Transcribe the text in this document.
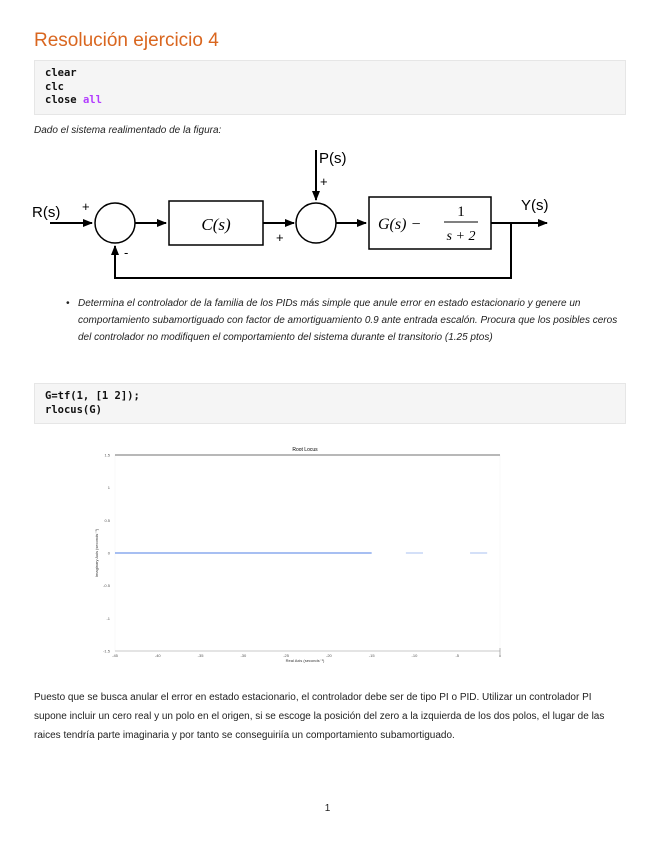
Resolución ejercicio 4
clear
clc
close all

Dado el sistema realimentado de la figura:

R(s) +
-
C(s)
+
P(s)
+
G(s) −
1
s + 2
Y(s)
• Determina el controlador de la familia de los PIDs más simple que anule error en estado estacionario y genere un comportamiento subamortiguado con factor de amortiguamiento 0.9 ante entrada escalón. Procura que los posibles ceros del controlador no modifiquen el comportamiento del sistema durante el transitorio (1.25 ptos)
G=tf(1, [1 2]);
rlocus(G)
Root Locus
1.5
1
0.5
0
-0.5
-1
-1.5
-45	-40	-35	-30	-25	-20	-15	-10	-5	0
Imaginary Axis (seconds⁻¹)
Real Axis (seconds⁻¹)

Puesto que se busca anular el error en estado estacionario, el controlador debe ser de tipo PI o PID. Utilizar un controlador PI supone incluir un cero real y un polo en el origen, si se escoge la posición del zero a la izquierda de los dos polos, el lugar de las raices tendría parte imaginaria y por tanto se conseguiriía un comportamiento subamortiguado.

1
